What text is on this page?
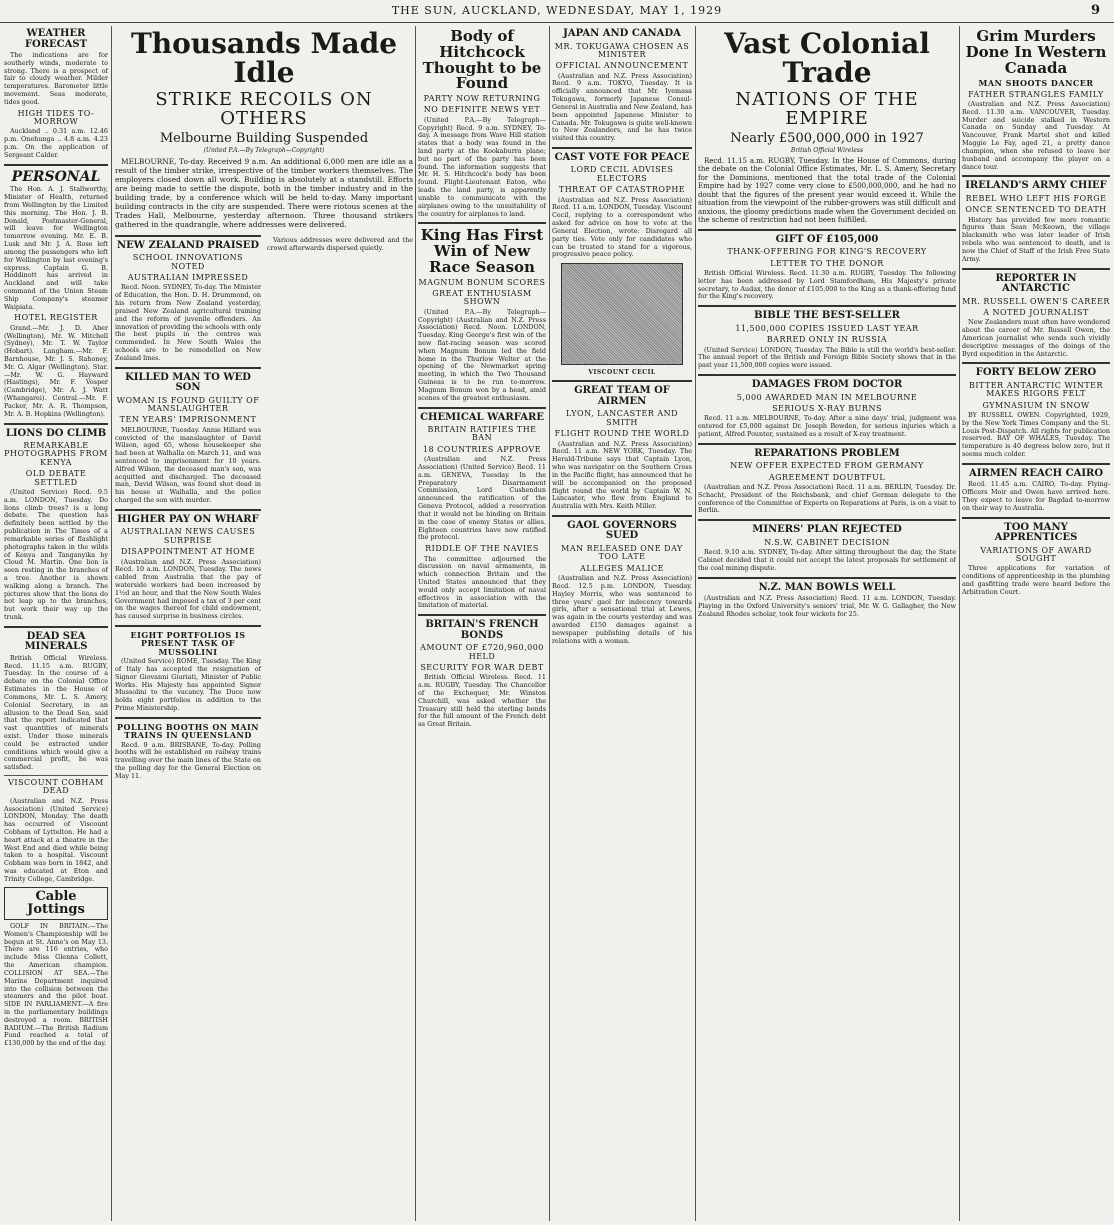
THE SUN, AUCKLAND, WEDNESDAY, MAY 1, 1929	9
WEATHER FORECAST

The indications are for southerly winds, moderate to strong. There is a prospect of fair to cloudy weather. Milder temperatures. Barometer little movement. Seas moderate, tides good.

HIGH TIDES TO-MORROW

Auckland .. 0.31 a.m. 12.46 p.m. Onehunga .. 4.8 a.m. 4.23 p.m. On the application of Sergeant Calder.

PERSONAL

The Hon. A. J. Stallworthy, Minister of Health, returned from Wellington by the Limited this morning. The Hon. J. B. Donald, Postmaster-General, will leave for Wellington tomorrow evening. Mr. E. B. Lusk and Mr. J. A. Rose left among the passengers who left for Wellington by last evening's express. Captain G. B. Hoddinott has arrived in Auckland and will take command of the Union Steam Ship Company's steamer Waipiata.

HOTEL REGISTER

Grand.—Mr. J. D. Aber (Wellington), Mr. W. Mitchell (Sydney), Mr. T. W. Taylor (Hobart). Langham.—Mr. F. Barnhouse, Mr. J. S. Rahoney, Mr. G. Algar (Wellington). Star.—Mr. W. G. Hayward (Hastings), Mr. F. Vosper (Cambridge), Mr. A. J. Watt (Whangarei). Central.—Mr. F. Packer, Mr. A. R. Thompson, Mr. A. B. Hopkins (Wellington).

LIONS DO CLIMB
REMARKABLE PHOTOGRAPHS FROM KENYA
OLD DEBATE SETTLED

(United Service) Recd. 9.5 a.m. LONDON, Tuesday. Do lions climb trees? is a long debate. The question has definitely been settled by the publication in The Times of a remarkable series of flashlight photographs taken in the wilds of Kenya and Tanganyika by Cloud M. Martin. One lion is seen resting in the branches of a tree. Another is shown walking along a branch. The pictures show that the lions do not leap up to the branches, but work their way up the trunk.

DEAD SEA MINERALS

British Official Wireless. Recd. 11.15 a.m. RUGBY, Tuesday. In the course of a debate on the Colonial Office Estimates in the House of Commons, Mr. L. S. Amery, Colonial Secretary, in an allusion to the Dead Sea, said that the report indicated that vast quantities of minerals exist. Under those minerals could be extracted under conditions which would give a commercial profit, he was satisfied.

VISCOUNT COBHAM DEAD

(Australian and N.Z. Press Association) (United Service) LONDON, Monday. The death has occurred of Viscount Cobham of Lyttelton. He had a heart attack at a theatre in the West End and died while being taken to a hospital. Viscount Cobham was born in 1842, and was educated at Eton and Trinity College, Cambridge.

Cable Jottings

GOLF IN BRITAIN.—The Women's Championship will be begun at St. Anne's on May 13. There are 116 entries, who include Miss Glenna Collett, the American champion. COLLISION AT SEA.—The Marine Department inquired into the collision between the steamers and the pilot boat. SIDE IN PARLIAMENT.—A fire in the parliamentary buildings destroyed a room. BRITISH RADIUM.—The British Radium Fund reached a total of £130,000 by the end of the day.

Thousands Made Idle
STRIKE RECOILS ON OTHERS
Melbourne Building Suspended
(United P.A.—By Telegraph—Copyright)

MELBOURNE, To-day. Received 9 a.m. An additional 6,000 men are idle as a result of the timber strike, irrespective of the timber workers themselves. The employers closed down all work. Building is absolutely at a standstill. Efforts are being made to settle the dispute, both in the timber industry and in the building trade, by a conference which will be held to-day. Many important building contracts in the city are suspended. There were riotous scenes at the Trades Hall, Melbourne, yesterday afternoon. Three thousand strikers gathered in the quadrangle, where addresses were delivered.

NEW ZEALAND PRAISED
SCHOOL INNOVATIONS NOTED
AUSTRALIAN IMPRESSED

Recd. Noon. SYDNEY, To-day. The Minister of Education, the Hon. D. H. Drummond, on his return from New Zealand yesterday, praised New Zealand agricultural training and the reform of juvenile offenders. An innovation of providing the schools with only the best pupils in the centres was commended. In New South Wales the schools are to be remodelled on New Zealand lines.

KILLED MAN TO WED SON
WOMAN IS FOUND GUILTY OF MANSLAUGHTER
TEN YEARS' IMPRISONMENT

MELBOURNE, Tuesday. Annie Hillard was convicted of the manslaughter of David Wilson, aged 65, whose housekeeper she had been at Walhalla on March 11, and was sentenced to imprisonment for 10 years. Alfred Wilson, the deceased man's son, was acquitted and discharged. The deceased man, David Wilson, was found shot dead in his house at Walhalla, and the police charged the son with murder.

HIGHER PAY ON WHARF
AUSTRALIAN NEWS CAUSES SURPRISE
DISAPPOINTMENT AT HOME

(Australian and N.Z. Press Association) Recd. 10 a.m. LONDON, Tuesday. The news cabled from Australia that the pay of waterside workers had been increased by 1½d an hour, and that the New South Wales Government had imposed a tax of 3 per cent on the wages thereof for child endowment, has caused surprise in business circles.

EIGHT PORTFOLIOS IS PRESENT TASK OF MUSSOLINI

(United Service) ROME, Tuesday. The King of Italy has accepted the resignation of Signor Giovanni Giuriati, Minister of Public Works. His Majesty has appointed Signor Mussolini to the vacancy. The Duce now holds eight portfolios in addition to the Prime Ministership.

POLLING BOOTHS ON MAIN TRAINS IN QUEENSLAND

Recd. 9 a.m. BRISBANE, To-day. Polling booths will be established on railway trains travelling over the main lines of the State on the polling day for the General Election on May 11.

Various addresses were delivered and the crowd afterwards dispersed quietly.

Body of Hitchcock Thought to be Found
PARTY NOW RETURNING
NO DEFINITE NEWS YET

(United P.A.—By Telegraph—Copyright) Recd. 9 a.m. SYDNEY, To-day. A message from Wave Hill station states that a body was found in the land party at the Kookaburra plane; but no part of the party has been found. The information suggests that Mr. H. S. Hitchcock's body has been found. Flight-Lieutenant Eaton, who leads the land party, is apparently unable to communicate with the airplanes owing to the unsuitability of the country for airplanes to land.

King Has First Win of New Race Season
MAGNUM BONUM SCORES
GREAT ENTHUSIASM SHOWN

(United P.A.—By Telegraph—Copyright) (Australian and N.Z. Press Association) Recd. Noon. LONDON, Tuesday. King George's first win of the new flat-racing season was scored when Magnum Bonum led the field home in the Thurlow Welter at the opening of the Newmarket spring meeting, in which the Two Thousand Guineas is to be run to-morrow. Magnum Bonum won by a head, amid scenes of the greatest enthusiasm.

CHEMICAL WARFARE
BRITAIN RATIFIES THE BAN
18 COUNTRIES APPROVE

(Australian and N.Z. Press Association) (United Service) Recd. 11 a.m. GENEVA, Tuesday. In the Preparatory Disarmament Commission, Lord Cushendun announced the ratification of the Geneva Protocol, added a reservation that it would not be binding on Britain in the case of enemy States or allies. Eighteen countries have now ratified the protocol.

RIDDLE OF THE NAVIES

The committee adjourned the discussion on naval armaments, in which connection Britain and the United States announced that they would only accept limitation of naval effectives in association with the limitation of material.

BRITAIN'S FRENCH BONDS
AMOUNT OF £720,960,000 HELD
SECURITY FOR WAR DEBT

British Official Wireless. Recd. 11 a.m. RUGBY, Tuesday. The Chancellor of the Exchequer, Mr. Winston Churchill, was asked whether the Treasury still held the sterling bonds for the full amount of the French debt as Great Britain.

JAPAN AND CANADA
MR. TOKUGAWA CHOSEN AS MINISTER
OFFICIAL ANNOUNCEMENT

(Australian and N.Z. Press Association) Recd. 9 a.m. TOKYO, Tuesday. It is officially announced that Mr. Iyemasa Tokugawa, formerly Japanese Consul-General in Australia and New Zealand, has been appointed Japanese Minister to Canada. Mr. Tokugawa is quite well-known to New Zealanders, and he has twice visited this country.

CAST VOTE FOR PEACE
LORD CECIL ADVISES ELECTORS
THREAT OF CATASTROPHE

(Australian and N.Z. Press Association) Recd. 11 a.m. LONDON, Tuesday. Viscount Cecil, replying to a correspondent who asked for advice on how to vote at the General Election, wrote: Disregard all party ties. Vote only for candidates who can be trusted to stand for a vigorous, progressive peace policy.

VISCOUNT CECIL
GREAT TEAM OF AIRMEN
LYON, LANCASTER AND SMITH
FLIGHT ROUND THE WORLD

(Australian and N.Z. Press Association) Recd. 11 a.m. NEW YORK, Tuesday. The Herald-Tribune says that Captain Lyon, who was navigator on the Southern Cross in the Pacific flight, has announced that he will be accompanied on the proposed flight round the world by Captain W. N. Lancaster, who flew from England to Australia with Mrs. Keith Miller.

GAOL GOVERNORS SUED
MAN RELEASED ONE DAY TOO LATE
ALLEGES MALICE

(Australian and N.Z. Press Association) Recd. 12.5 p.m. LONDON, Tuesday. Hayley Morris, who was sentenced to three years' gaol for indecency towards girls, after a sensational trial at Lewes, was again in the courts yesterday and was awarded £150 damages against a newspaper publishing details of his relations with a woman.

Vast Colonial Trade
NATIONS OF THE EMPIRE
Nearly £500,000,000 in 1927
British Official Wireless

Recd. 11.15 a.m. RUGBY, Tuesday. In the House of Commons, during the debate on the Colonial Office Estimates, Mr. L. S. Amery, Secretary for the Dominions, mentioned that the total trade of the Colonial Empire had by 1927 come very close to £500,000,000, and he had no doubt that the figures of the present year would exceed it. While the situation from the viewpoint of the rubber-growers was still difficult and anxious, the gloomy predictions made when the Government decided on the scheme of restriction had not been fulfilled.

GIFT OF £105,000
THANK-OFFERING FOR KING'S RECOVERY
LETTER TO THE DONOR

British Official Wireless. Recd. 11.30 a.m. RUGBY, Tuesday. The following letter has been addressed by Lord Stamfordham, His Majesty's private secretary, to Audax, the donor of £105,000 to the King as a thank-offering fund for the King's recovery.

BIBLE THE BEST-SELLER
11,500,000 COPIES ISSUED LAST YEAR
BARRED ONLY IN RUSSIA

(United Service) LONDON, Tuesday. The Bible is still the world's best-seller. The annual report of the British and Foreign Bible Society shows that in the past year 11,500,000 copies were issued.

DAMAGES FROM DOCTOR
5,000 AWARDED MAN IN MELBOURNE
SERIOUS X-RAY BURNS

Recd. 11 a.m. MELBOURNE, To-day. After a nine days' trial, judgment was entered for £5,000 against Dr. Joseph Bowden, for serious injuries which a patient, Alfred Pounter, sustained as a result of X-ray treatment.

REPARATIONS PROBLEM
NEW OFFER EXPECTED FROM GERMANY
AGREEMENT DOUBTFUL

(Australian and N.Z. Press Association) Recd. 11 a.m. BERLIN, Tuesday. Dr. Schacht, President of the Reichsbank, and chief German delegate to the conference of the Committee of Experts on Reparations at Paris, is on a visit to Berlin.

MINERS' PLAN REJECTED
N.S.W. CABINET DECISION

Recd. 9.10 a.m. SYDNEY, To-day. After sitting throughout the day, the State Cabinet decided that it could not accept the latest proposals for settlement of the coal mining dispute.

N.Z. MAN BOWLS WELL

(Australian and N.Z. Press Association) Recd. 11 a.m. LONDON, Tuesday. Playing in the Oxford University's seniors' trial, Mr. W. G. Gallagher, the New Zealand Rhodes scholar, took four wickets for 25.

Grim Murders Done In Western Canada
MAN SHOOTS DANCER
FATHER STRANGLES FAMILY

(Australian and N.Z. Press Association) Recd. 11.30 a.m. VANCOUVER, Tuesday. Murder and suicide stalked in Western Canada on Sunday and Tuesday. At Vancouver, Frank Martel shot and killed Maggie Le Fay, aged 21, a pretty dance champion, when she refused to leave her husband and accompany the player on a dance tour.

IRELAND'S ARMY CHIEF
REBEL WHO LEFT HIS FORGE
ONCE SENTENCED TO DEATH

History has provided few more romantic figures than Sean McKeown, the village blacksmith who was later leader of Irish rebels who was sentenced to death, and is now the Chief of Staff of the Irish Free State Army.

REPORTER IN ANTARCTIC
MR. RUSSELL OWEN'S CAREER
A NOTED JOURNALIST

New Zealanders must often have wondered about the career of Mr. Russell Owen, the American journalist who sends such vividly descriptive messages of the doings of the Byrd expedition in the Antarctic.

FORTY BELOW ZERO
BITTER ANTARCTIC WINTER MAKES RIGORS FELT
GYMNASIUM IN SNOW

BY RUSSELL OWEN. Copyrighted, 1929, by the New York Times Company and the St. Louis Post-Dispatch. All rights for publication reserved. BAY OF WHALES, Tuesday. The temperature is 40 degrees below zero, but it seems much colder.

AIRMEN REACH CAIRO

Recd. 11.45 a.m. CAIRO, To-day. Flying-Officers Moir and Owen have arrived here. They expect to leave for Bagdad to-morrow on their way to Australia.

TOO MANY APPRENTICES
VARIATIONS OF AWARD SOUGHT

Three applications for variation of conditions of apprenticeship in the plumbing and gasfitting trade were heard before the Arbitration Court.
